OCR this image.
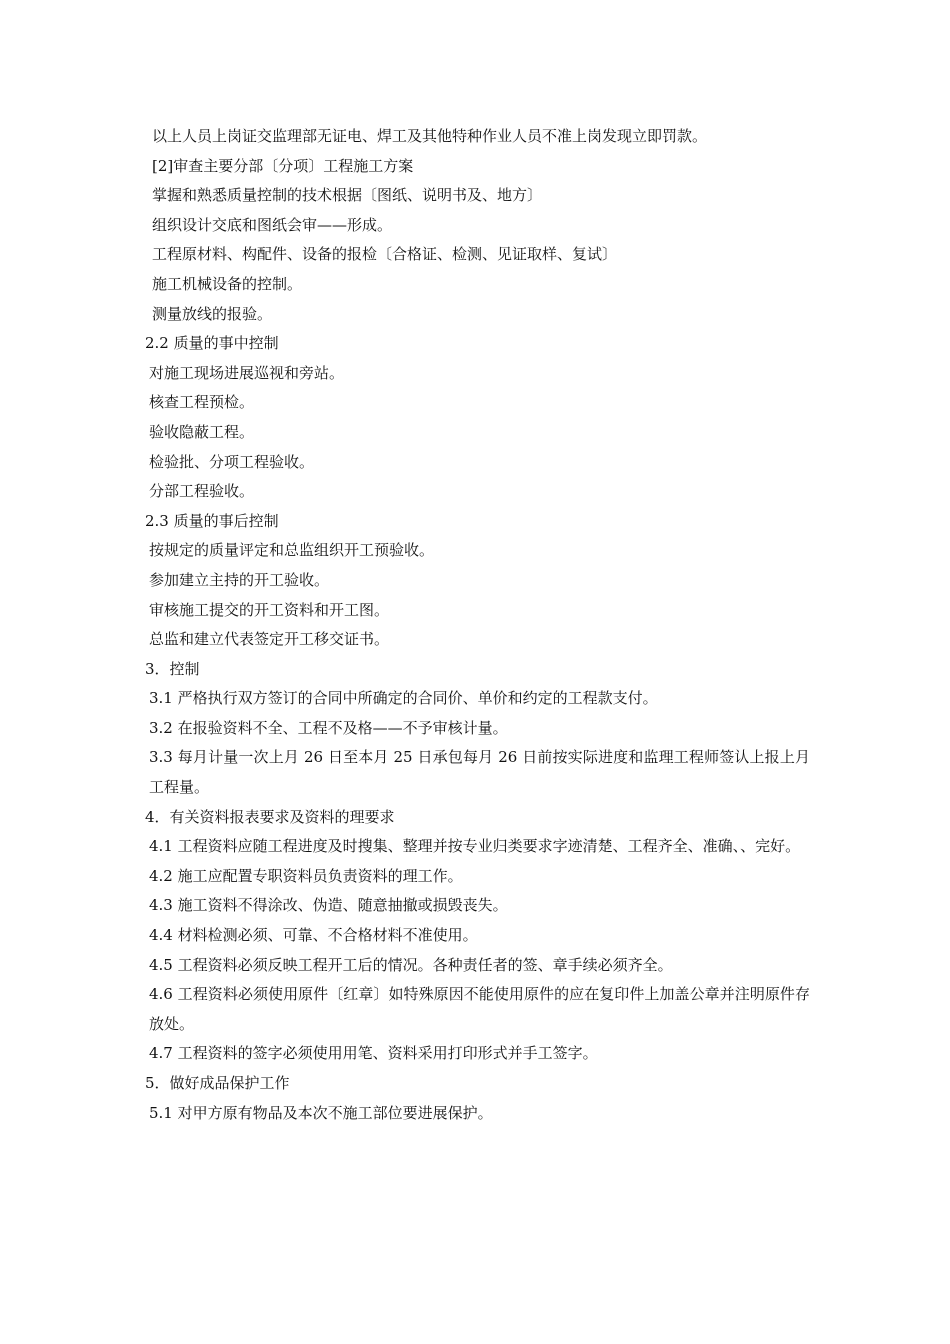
以上人员上岗证交监理部无证电、焊工及其他特种作业人员不准上岗发现立即罚款。
[2]审查主要分部〔分项〕工程施工方案
掌握和熟悉质量控制的技术根据〔图纸、说明书及、地方〕
组织设计交底和图纸会审——形成。
工程原材料、构配件、设备的报检〔合格证、检测、见证取样、复试〕
施工机械设备的控制。
测量放线的报验。
2.2 质量的事中控制
对施工现场进展巡视和旁站。
核查工程预检。
验收隐蔽工程。
检验批、分项工程验收。
分部工程验收。
2.3 质量的事后控制
按规定的质量评定和总监组织开工预验收。
参加建立主持的开工验收。
审核施工提交的开工资料和开工图。
总监和建立代表签定开工移交证书。
3．控制
3.1 严格执行双方签订的合同中所确定的合同价、单价和约定的工程款支付。
3.2 在报验资料不全、工程不及格——不予审核计量。
3.3 每月计量一次上月 26 日至本月 25 日承包每月 26 日前按实际进度和监理工程师签认上报上月工程量。
4．有关资料报表要求及资料的理要求
4.1 工程资料应随工程进度及时搜集、整理并按专业归类要求字迹清楚、工程齐全、准确、、完好。
4.2 施工应配置专职资料员负责资料的理工作。
4.3 施工资料不得涂改、伪造、随意抽撤或损毁丧失。
4.4 材料检测必须、可靠、不合格材料不准使用。
4.5 工程资料必须反映工程开工后的情况。各种责任者的签、章手续必须齐全。
4.6 工程资料必须使用原件〔红章〕如特殊原因不能使用原件的应在复印件上加盖公章并注明原件存放处。
4.7 工程资料的签字必须使用用笔、资料采用打印形式并手工签字。
5．做好成品保护工作
5.1 对甲方原有物品及本次不施工部位要进展保护。
